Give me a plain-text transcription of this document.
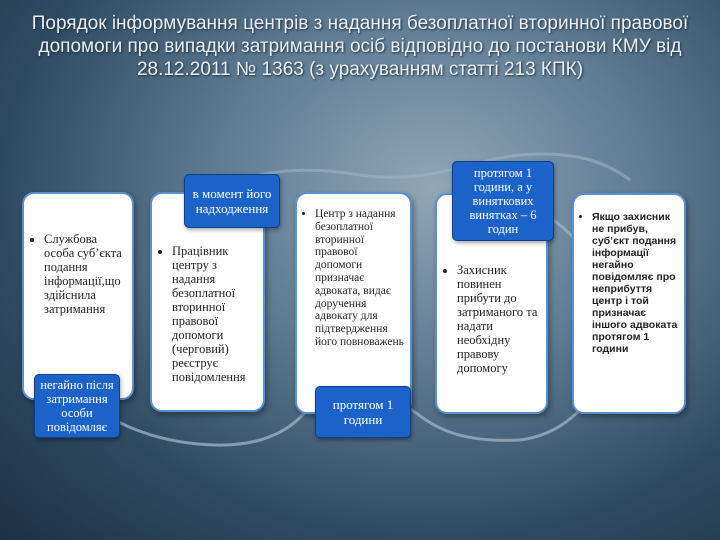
Порядок інформування центрів з надання безоплатної вторинної правової допомоги про випадки затримання осіб відповідно до постанови КМУ від 28.12.2011 № 1363 (з урахуванням статті 213 КПК)
• Службова особа суб’єкта подання інформації,що здійснила затримання
• Працівник центру з надання безоплатної вторинної правової допомоги (черговий) реєструє повідомлення
• Центр з надання безоплатної вторинної правової допомоги призначає адвоката, видає доручення адвокату для підтвердження його повноважень
• Захисник повинен прибути до затриманого та надати необхідну правову допомогу
• Якщо захисник не прибув, суб’єкт подання інформації негайно повідомляє про неприбуття центр і той призначає іншого адвоката протягом 1 години
негайно після затримання особи повідомляє
в момент його надходження
протягом 1 години
протягом 1 години, а у виняткових винятках – 6 годин
